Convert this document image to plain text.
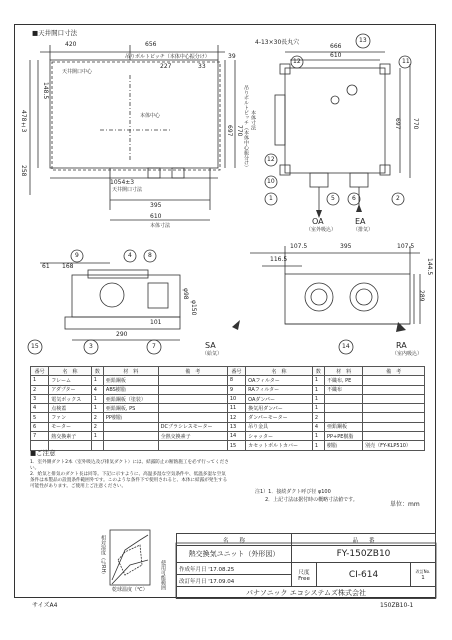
■天井開口寸法
420	656
227	33
39
吊りボルトピッチ（本体中心振分け）
天井開口中心
本体中心
478±3
148.5
258
1054±3
天井開口寸法
395
610
本体寸法
697 770 吊りボルトピッチ（本体中心振分け） 本体寸法
4-13×30長丸穴
666
610
697 770
13
12	11
12
10
1	5	6	2
OA
（室外吸込）
EA
（排気）
9	4	8
15	3	7	14
61 168
101
290
φ98
φ150
107.5	395	107.5
116.5	144.5
289
SA
（給気）
RA
（室内吸込）
番号	名　称	数	材　料	備　考	番号	名　称	数	材　料	備　考
1	フレーム	1	亜鉛鋼板		8	OAフィルター	1	不織布, PE	
2	アダプター	4	ABS樹脂		9	RAフィルター	1	不織布	
3	電気ボックス	1	亜鉛鋼板（塗装）		10	OAダンパー	1		
4	点検蓋	1	亜鉛鋼板, PS		11	換気用ダンパー	1		
5	ファン	2	PP樹脂		12	ダンパーモーター	2		
6	モーター	2		DCブラシレスモーター	13	吊り金具	4	亜鉛鋼板	
7	熱交換素子	1		全熱交換素子	14	シャッター	1	PP+PE樹脂	
					15	カセットボルトカバー	1	樹脂	別売（FY-KLP510）
■ご注意

1．室外側ダクト2本（室外吸込及び排気ダクト）には、結露防止の断熱施工を必ず行ってください。

2．給気と排気のダクト長は同等。下記に示すように、高温多湿な空気条件や、低温多湿な空気条件は本製品の設置条件範囲外です。このような条件下で使用されると、本体に結露が発生する可能性があります。ご使用上ご注意ください。

注1）1．接続ダクト呼び径 φ100
2．上記寸法は据付時の概略寸法値です。
単位：mm
相対湿度（％RH）
乾球温度（℃） 使用可能範囲
名　　称	品　　番		
熱交換気ユニット（外形図）	FY-150ZB10		
作成年月日 '17.08.25	尺度
Free	CI-614	改訂No.
1
改訂年月日 '17.09.04			
パナソニック エコシステムズ株式会社			
サイズA4	150ZB10-1
